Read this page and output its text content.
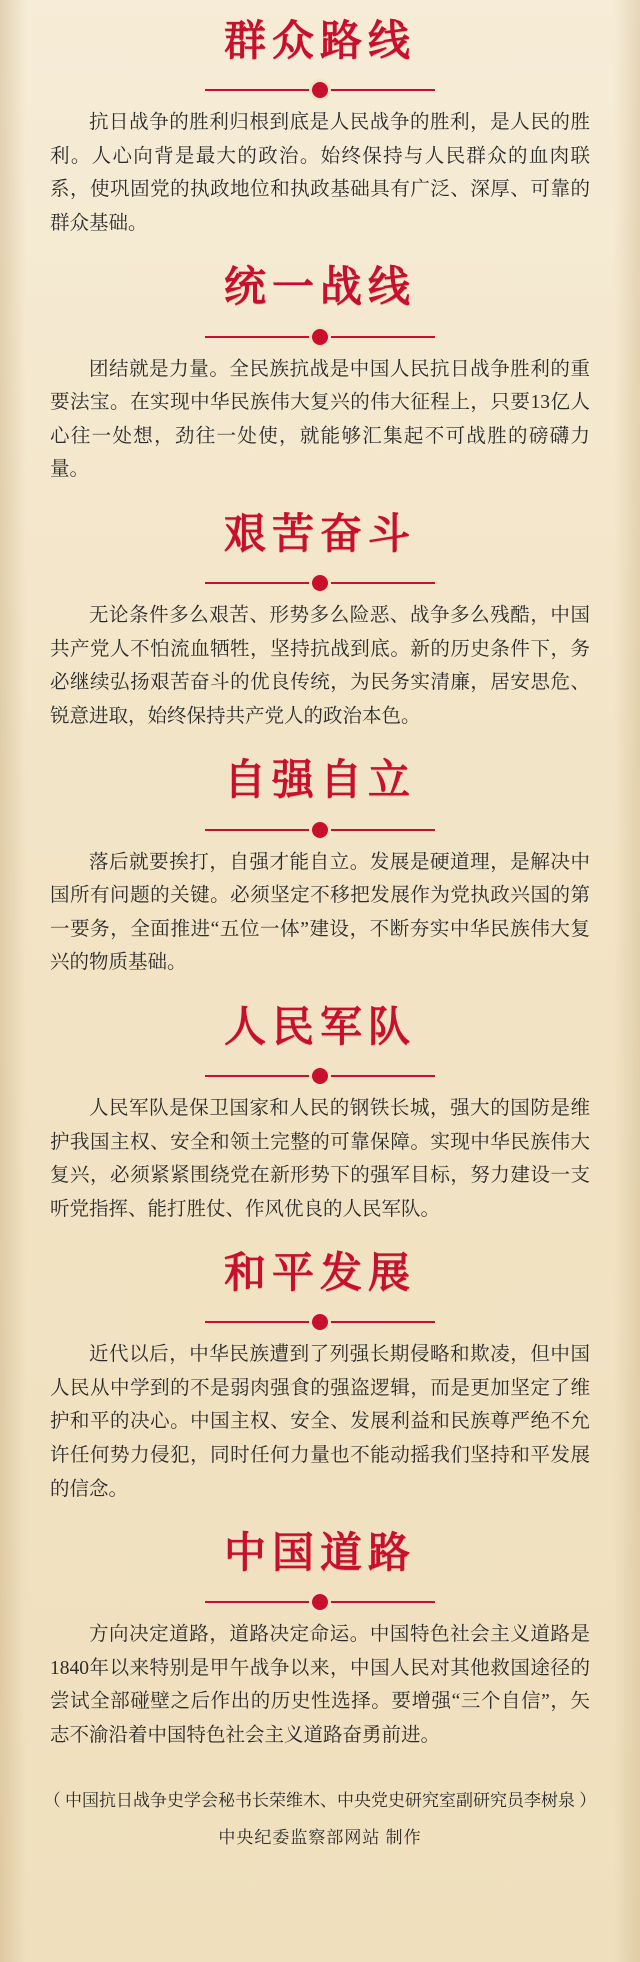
群众路线

抗日战争的胜利归根到底是人民战争的胜利，是人民的胜利。人心向背是最大的政治。始终保持与人民群众的血肉联系，使巩固党的执政地位和执政基础具有广泛、深厚、可靠的群众基础。

统一战线

团结就是力量。全民族抗战是中国人民抗日战争胜利的重要法宝。在实现中华民族伟大复兴的伟大征程上，只要13亿人心往一处想，劲往一处使，就能够汇集起不可战胜的磅礴力量。

艰苦奋斗

无论条件多么艰苦、形势多么险恶、战争多么残酷，中国共产党人不怕流血牺牲，坚持抗战到底。新的历史条件下，务必继续弘扬艰苦奋斗的优良传统，为民务实清廉，居安思危、锐意进取，始终保持共产党人的政治本色。

自强自立

落后就要挨打，自强才能自立。发展是硬道理，是解决中国所有问题的关键。必须坚定不移把发展作为党执政兴国的第一要务，全面推进“五位一体”建设，不断夯实中华民族伟大复兴的物质基础。

人民军队

人民军队是保卫国家和人民的钢铁长城，强大的国防是维护我国主权、安全和领土完整的可靠保障。实现中华民族伟大复兴，必须紧紧围绕党在新形势下的强军目标，努力建设一支听党指挥、能打胜仗、作风优良的人民军队。

和平发展

近代以后，中华民族遭到了列强长期侵略和欺凌，但中国人民从中学到的不是弱肉强食的强盗逻辑，而是更加坚定了维护和平的决心。中国主权、安全、发展利益和民族尊严绝不允许任何势力侵犯，同时任何力量也不能动摇我们坚持和平发展的信念。

中国道路

方向决定道路，道路决定命运。中国特色社会主义道路是1840年以来特别是甲午战争以来，中国人民对其他救国途径的尝试全部碰壁之后作出的历史性选择。要增强“三个自信”，矢志不渝沿着中国特色社会主义道路奋勇前进。

（ 中国抗日战争史学会秘书长荣维木、中央党史研究室副研究员李树泉 ）
中央纪委监察部网站 制作
